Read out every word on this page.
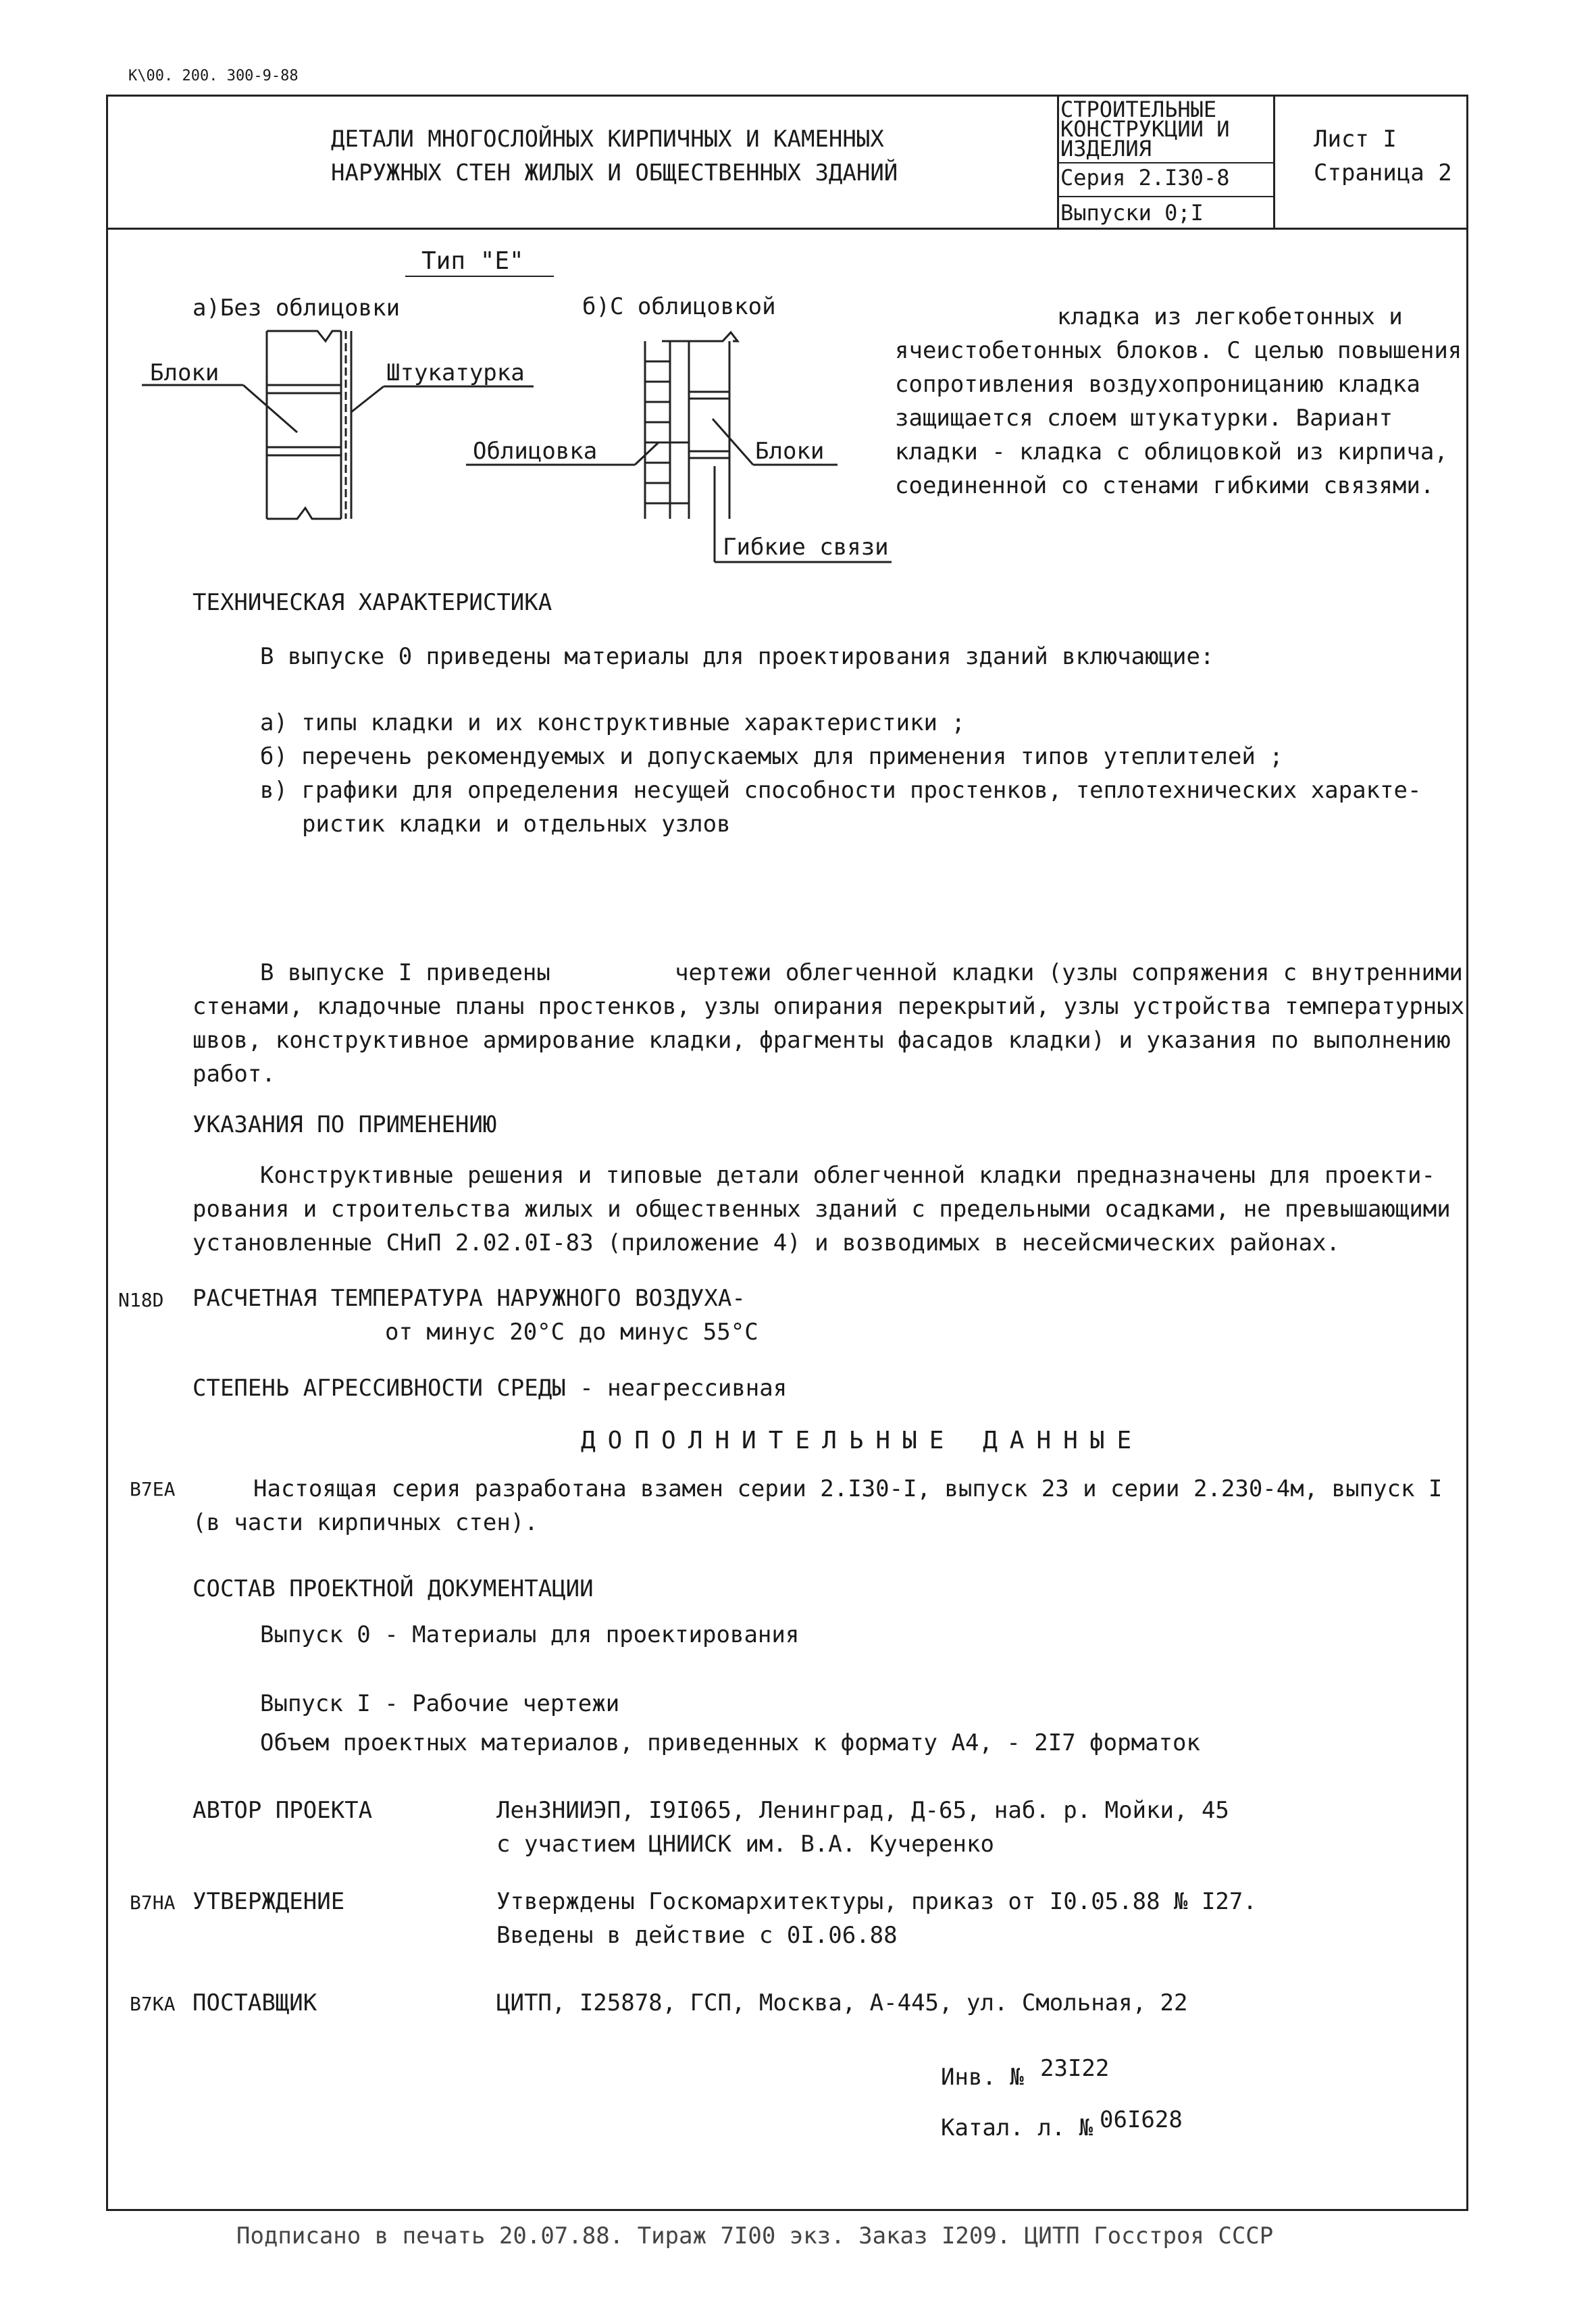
К\00. 200. 300-9-88
ДЕТАЛИ МНОГОСЛОЙНЫХ КИРПИЧНЫХ И КАМЕННЫХ
НАРУЖНЫХ СТЕН ЖИЛЫХ И ОБЩЕСТВЕННЫХ ЗДАНИЙ
СТРОИТЕЛЬНЫЕ
КОНСТРУКЦИИ И
ИЗДЕЛИЯ
Серия 2.I30-8
Выпуски 0;I
Лист I
Страница 2
Тип "Е"
а)Без облицовки	б)С облицовкой
Блоки	Штукатурка
Облицовка	Блоки
Гибкие связи
кладка из легкобетонных и
ячеистобетонных блоков. С целью повышения
сопротивления воздухопроницанию кладка
защищается слоем штукатурки. Вариант
кладки - кладка с облицовкой из кирпича,
соединенной со стенами гибкими связями.
ТЕХНИЧЕСКАЯ ХАРАКТЕРИСТИКА
В выпуске 0 приведены материалы для проектирования зданий включающие:
а) типы кладки и их конструктивные характеристики ;
б) перечень рекомендуемых и допускаемых для применения типов утеплителей ;
в) графики для определения несущей способности простенков, теплотехнических характе-
ристик кладки и отдельных узлов
В выпуске I приведены         чертежи облегченной кладки (узлы сопряжения с внутренними
стенами, кладочные планы простенков, узлы опирания перекрытий, узлы устройства температурных
швов, конструктивное армирование кладки, фрагменты фасадов кладки) и указания по выполнению
работ.
УКАЗАНИЯ ПО ПРИМЕНЕНИЮ
Конструктивные решения и типовые детали облегченной кладки предназначены для проекти-
рования и строительства жилых и общественных зданий с предельными осадками, не превышающими
установленные СНиП 2.02.0I-83 (приложение 4) и возводимых в несейсмических районах.
N18D РАСЧЕТНАЯ ТЕМПЕРАТУРА НАРУЖНОГО ВОЗДУХА-
от минус 20°С до минус 55°С
СТЕПЕНЬ АГРЕССИВНОСТИ СРЕДЫ - неагрессивная
ДОПОЛНИТЕЛЬНЫЕ ДАННЫЕ
B7EA	Настоящая серия разработана взамен серии 2.I30-I, выпуск 23 и серии 2.230-4м, выпуск I
(в части кирпичных стен).
СОСТАВ ПРОЕКТНОЙ ДОКУМЕНТАЦИИ
Выпуск 0 - Материалы для проектирования
Выпуск I - Рабочие чертежи
Объем проектных материалов, приведенных к формату А4, - 2I7 форматок
АВТОР ПРОЕКТА	ЛенЗНИИЭП, I9I065, Ленинград, Д-65, наб. р. Мойки, 45
с участием ЦНИИСК им. В.А. Кучеренко
B7HA УТВЕРЖДЕНИЕ	Утверждены Госкомархитектуры, приказ от I0.05.88 № I27.
Введены в действие с 0I.06.88
B7KA ПОСТАВЩИК	ЦИТП, I25878, ГСП, Москва, А-445, ул. Смольная, 22
Инв. № 23I22
Катал. л. № 06I628
Подписано в печать 20.07.88. Тираж 7I00 экз. Заказ I209. ЦИТП Госстроя СССР
